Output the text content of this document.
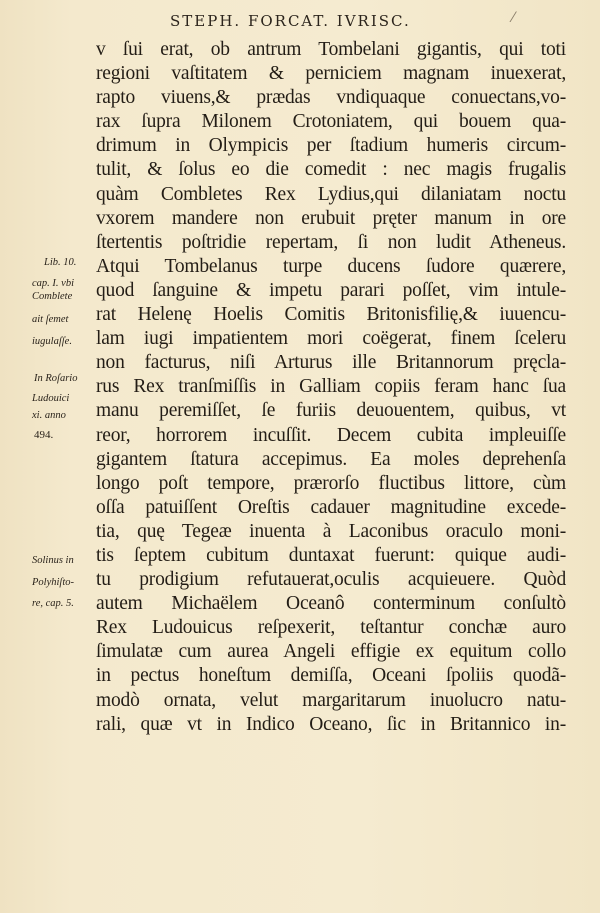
STEPH. FORCAT. IVRISC.	⁄
v ſui erat, ob antrum Tombelani gigantis, qui toti
regioni vaſtitatem & perniciem magnam inuexerat,
rapto viuens,& prædas vndiquaque conuectans,vo-
rax ſupra Milonem Crotoniatem, qui bouem qua-
drimum in Olympicis per ſtadium humeris circum-
tulit, & ſolus eo die comedit : nec magis frugalis
quàm Combletes Rex Lydius,qui dilaniatam noctu
vxorem mandere non erubuit pręter manum in ore
ſtertentis poſtridie repertam, ſi non ludit Atheneus.
Atqui Tombelanus turpe ducens ſudore quærere,
quod ſanguine & impetu parari poſſet, vim intule-
rat Helenę Hoelis Comitis Britonisfilię,& iuuencu-
lam iugi impatientem mori coëgerat, finem ſceleru
non facturus, niſi Arturus ille Britannorum pręcla-
rus Rex tranſmiſſis in Galliam copiis feram hanc ſua
manu peremiſſet, ſe furiis deuouentem, quibus, vt
reor, horrorem incuſſit. Decem cubita impleuiſſe
gigantem ſtatura accepimus. Ea moles deprehenſa
longo poſt tempore, prærorſo fluctibus littore, cùm
oſſa patuiſſent Oreſtis cadauer magnitudine excede-
tia, quę Tegeæ inuenta à Laconibus oraculo moni-
tis ſeptem cubitum duntaxat fuerunt: quique audi-
tu prodigium refutauerat,oculis acquieuere. Quòd
autem Michaëlem Oceanô conterminum conſultò
Rex Ludouicus reſpexerit, teſtantur conchæ auro
ſimulatæ cum aurea Angeli effigie ex equitum collo
in pectus honeſtum demiſſa, Oceani ſpoliis quodã-
modò ornata, velut margaritarum inuolucro natu-
rali, quæ vt in Indico Oceano, ſic in Britannico in-
Lib. 10.
cap. I. vbi
Comblete
ait ſemet
iugulaſſe.
In Roſario
Ludouici
xi. anno
494.
Solinus in
Polyhiſto-
re, cap. 5.
